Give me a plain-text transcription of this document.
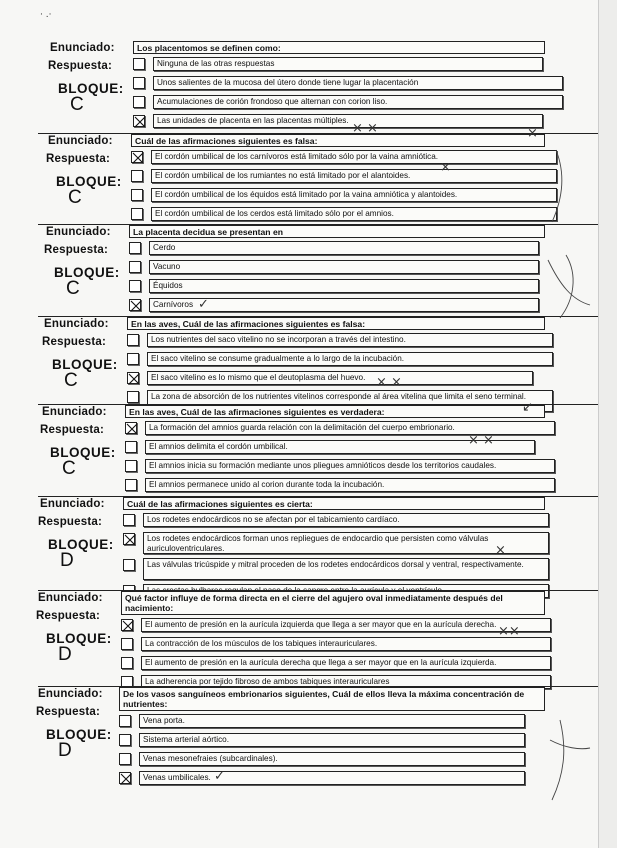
Enunciado:
Respuesta:
BLOQUE:
C
Los placentomos se definen como:
Ninguna de las otras respuestas
Unos salientes de la mucosa del útero donde tiene lugar la placentación
Acumulaciones de corión frondoso que alternan con corion liso.
Las unidades de placenta en las placentas múltiples.
Enunciado:
Respuesta:
BLOQUE:
C
Cuál de las afirmaciones siguientes es falsa:
El cordón umbilical de los carnívoros está limitado sólo por la vaina amniótica.
El cordón umbilical de los rumiantes no está limitado por el alantoides.
El cordón umbilical de los équidos está limitado por la vaina amniótica y alantoides.
El cordón umbilical de los cerdos está limitado sólo por el amnios.
Enunciado:
Respuesta:
BLOQUE:
C
La placenta decidua se presentan en
Cerdo
Vacuno
Équidos
Carnívoros
Enunciado:
Respuesta:
BLOQUE:
C
En las aves, Cuál de las afirmaciones siguientes es falsa:
Los nutrientes del saco vitelino no se incorporan a través del intestino.
El saco vitelino se consume gradualmente a lo largo de la incubación.
El saco vitelino es lo mismo que el deutoplasma del huevo.
La zona de absorción de los nutrientes vitelinos corresponde al área vitelina que limita el seno terminal.
Enunciado:
Respuesta:
BLOQUE:
C
En las aves, Cuál de las afirmaciones siguientes es verdadera:
La formación del amnios guarda relación con la delimitación del cuerpo embrionario.
El amnios delimita el cordón umbilical.
El amnios inicia su formación mediante unos pliegues amnióticos desde los territorios caudales.
El amnios permanece unido al corion durante toda la incubación.
Enunciado:
Respuesta:
BLOQUE:
D
Cuál de las afirmaciones siguientes es cierta:
Los rodetes endocárdicos no se afectan por el tabicamiento cardíaco.
Los rodetes endocárdicos forman unos repliegues de endocardio que persisten como válvulas auriculoventriculares.
Las válvulas tricúspide y mitral proceden de los rodetes endocárdicos dorsal y ventral, respectivamente.
Enunciado:
Respuesta:
BLOQUE:
D
Qué factor influye de forma directa en el cierre del agujero oval inmediatamente después del nacimiento:
El aumento de presión en la aurícula izquierda que llega a ser mayor que en la aurícula derecha.
La contracción de los músculos de los tabiques interauriculares.
El aumento de presión en la aurícula derecha que llega a ser mayor que en la aurícula izquierda.
La adherencia por tejido fibroso de ambos tabiques interauriculares
Enunciado:
Respuesta:
BLOQUE:
D
De los vasos sanguíneos embrionarios siguientes, Cuál de ellos lleva la máxima concentración de nutrientes:
Vena porta.
Sistema arterial aórtico.
Venas mesonefraies (subcardinales).
Venas umbilicales.
· .·
× ×	×
×
✓
× ×
↙
× ×
×
××
✓
